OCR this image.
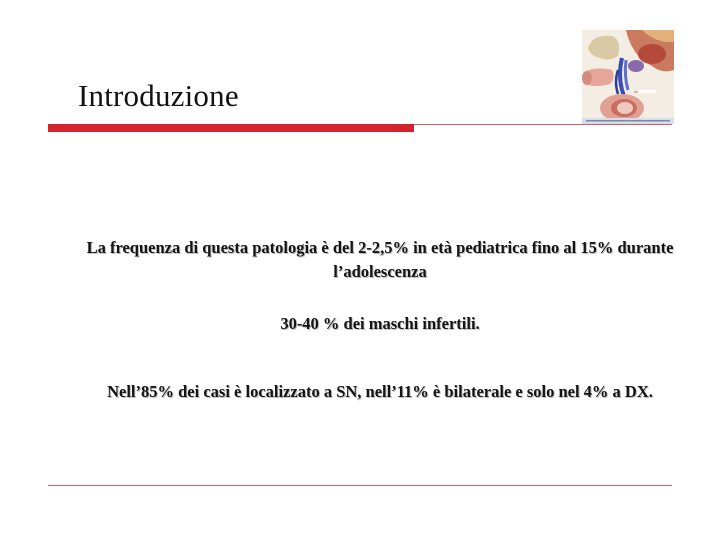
Introduzione
La frequenza di questa patologia è del 2-2,5% in età pediatrica fino al 15% durante l’adolescenza
30-40 % dei maschi infertili.
Nell’85% dei casi è localizzato a SN, nell’11% è bilaterale e solo nel 4% a DX.
